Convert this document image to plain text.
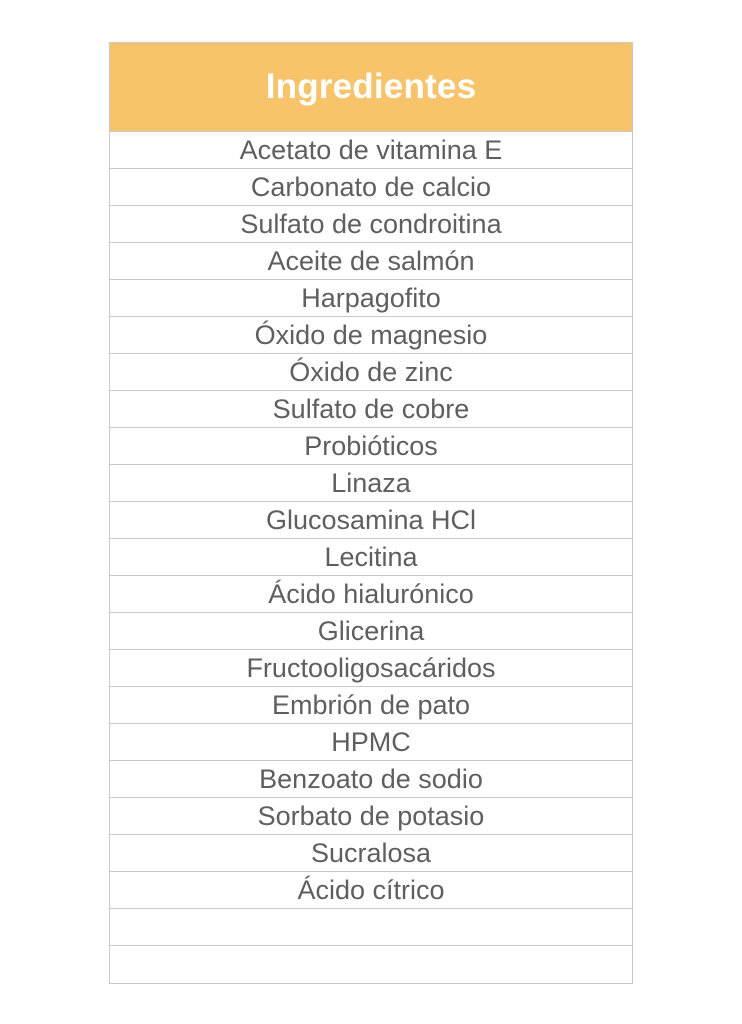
Ingredientes
Acetato de vitamina E
Carbonato de calcio
Sulfato de condroitina
Aceite de salmón
Harpagofito
Óxido de magnesio
Óxido de zinc
Sulfato de cobre
Probióticos
Linaza
Glucosamina HCl
Lecitina
Ácido hialurónico
Glicerina
Fructooligosacáridos
Embrión de pato
HPMC
Benzoato de sodio
Sorbato de potasio
Sucralosa
Ácido cítrico
